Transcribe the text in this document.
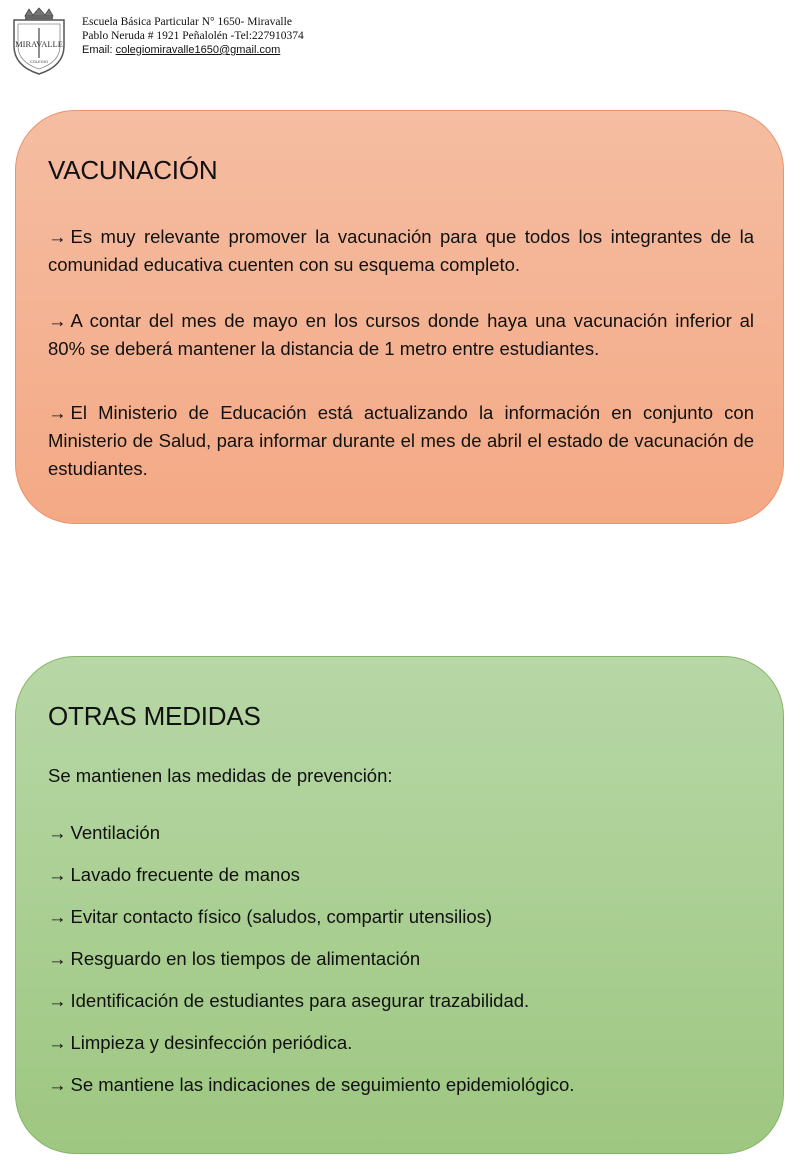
MIRAVALLE
COLEGIO
Escuela Básica Particular N° 1650- Miravalle
Pablo Neruda # 1921 Peñalolén -Tel:227910374
Email: colegiomiravalle1650@gmail.com
VACUNACIÓN

→ Es muy relevante promover la vacunación para que todos los integrantes de la comunidad educativa cuenten con su esquema completo.

→ A contar del mes de mayo en los cursos donde haya una vacunación inferior al 80% se deberá mantener la distancia de 1 metro entre estudiantes.

→ El Ministerio de Educación está actualizando la información en conjunto con Ministerio de Salud, para informar durante el mes de abril el estado de vacunación de estudiantes.

OTRAS MEDIDAS

Se mantienen las medidas de prevención:

→ Ventilación
→ Lavado frecuente de manos
→ Evitar contacto físico (saludos, compartir utensilios)
→ Resguardo en los tiempos de alimentación
→ Identificación de estudiantes para asegurar trazabilidad.
→ Limpieza y desinfección periódica.
→ Se mantiene las indicaciones de seguimiento epidemiológico.
